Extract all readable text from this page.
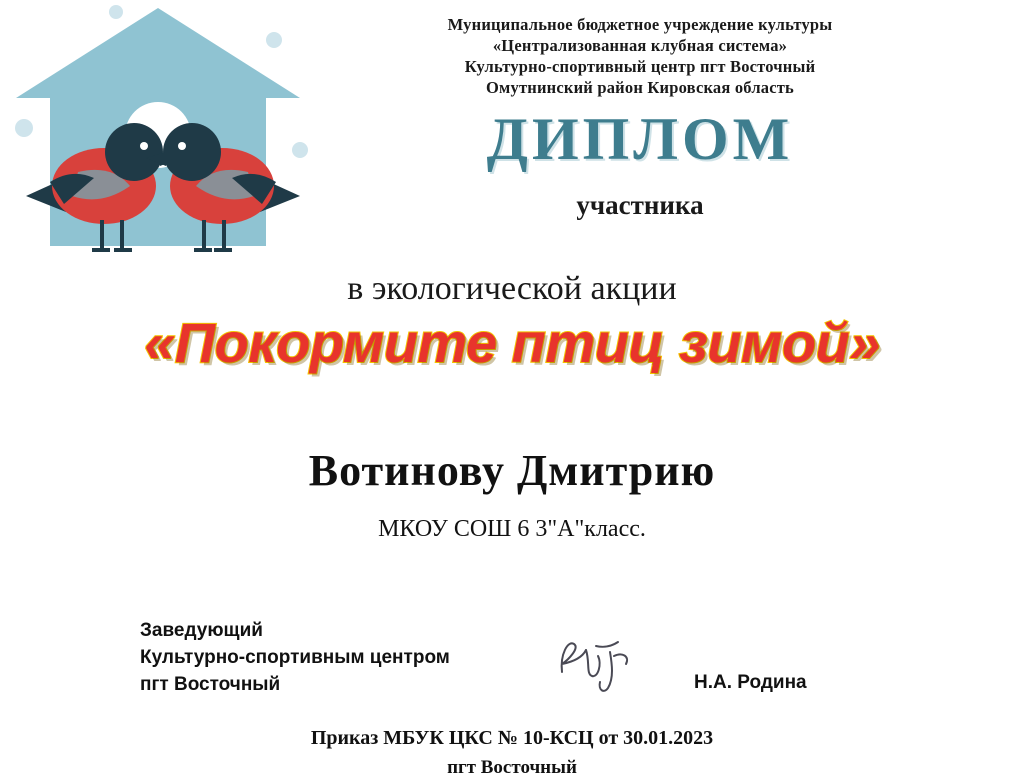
Муниципальное бюджетное учреждение культуры
«Централизованная клубная система»
Культурно-спортивный центр пгт Восточный
Омутнинский район Кировская область
ДИПЛОМ
участника
в экологической акции
«Покормите птиц зимой»
Вотинову Дмитрию
МКОУ СОШ 6 3"А"класс.
Заведующий
Культурно-спортивным центром
пгт Восточный	Н.А. Родина
Приказ МБУК ЦКС № 10-КСЦ от 30.01.2023
пгт Восточный
